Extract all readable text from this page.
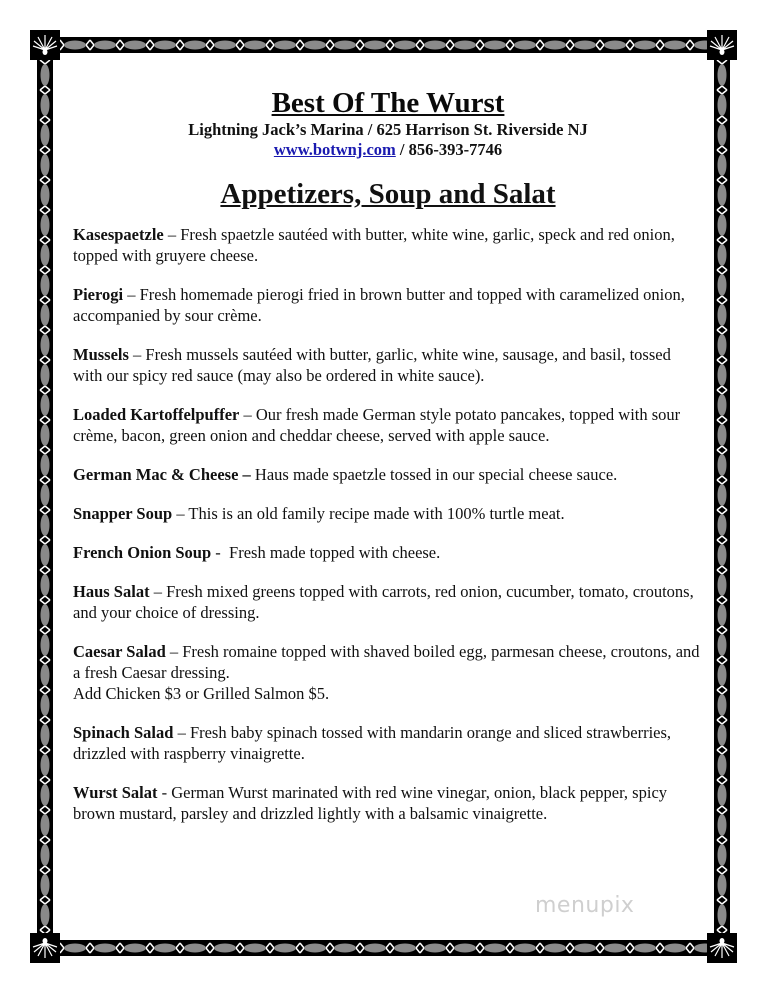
Best Of The Wurst

Lightning Jack’s Marina / 625 Harrison St. Riverside NJ

www.botwnj.com / 856-393-7746

Appetizers, Soup and Salat

Kasespaetzle – Fresh spaetzle sautéed with butter, white wine, garlic, speck and red onion, topped with gruyere cheese.

Pierogi – Fresh homemade pierogi fried in brown butter and topped with caramelized onion, accompanied by sour crème.

Mussels – Fresh mussels sautéed with butter, garlic, white wine, sausage, and basil, tossed with our spicy red sauce (may also be ordered in white sauce).

Loaded Kartoffelpuffer – Our fresh made German style potato pancakes, topped with sour crème, bacon, green onion and cheddar cheese, served with apple sauce.

German Mac & Cheese – Haus made spaetzle tossed in our special cheese sauce.

Snapper Soup – This is an old family recipe made with 100% turtle meat.

French Onion Soup -  Fresh made topped with cheese.

Haus Salat – Fresh mixed greens topped with carrots, red onion, cucumber, tomato, croutons, and your choice of dressing.

Caesar Salad – Fresh romaine topped with shaved boiled egg, parmesan cheese, croutons, and a fresh Caesar dressing.
Add Chicken $3 or Grilled Salmon $5.

Spinach Salad – Fresh baby spinach tossed with mandarin orange and sliced strawberries, drizzled with raspberry vinaigrette.

Wurst Salat - German Wurst marinated with red wine vinegar, onion, black pepper, spicy brown mustard, parsley and drizzled lightly with a balsamic vinaigrette.

menupix
